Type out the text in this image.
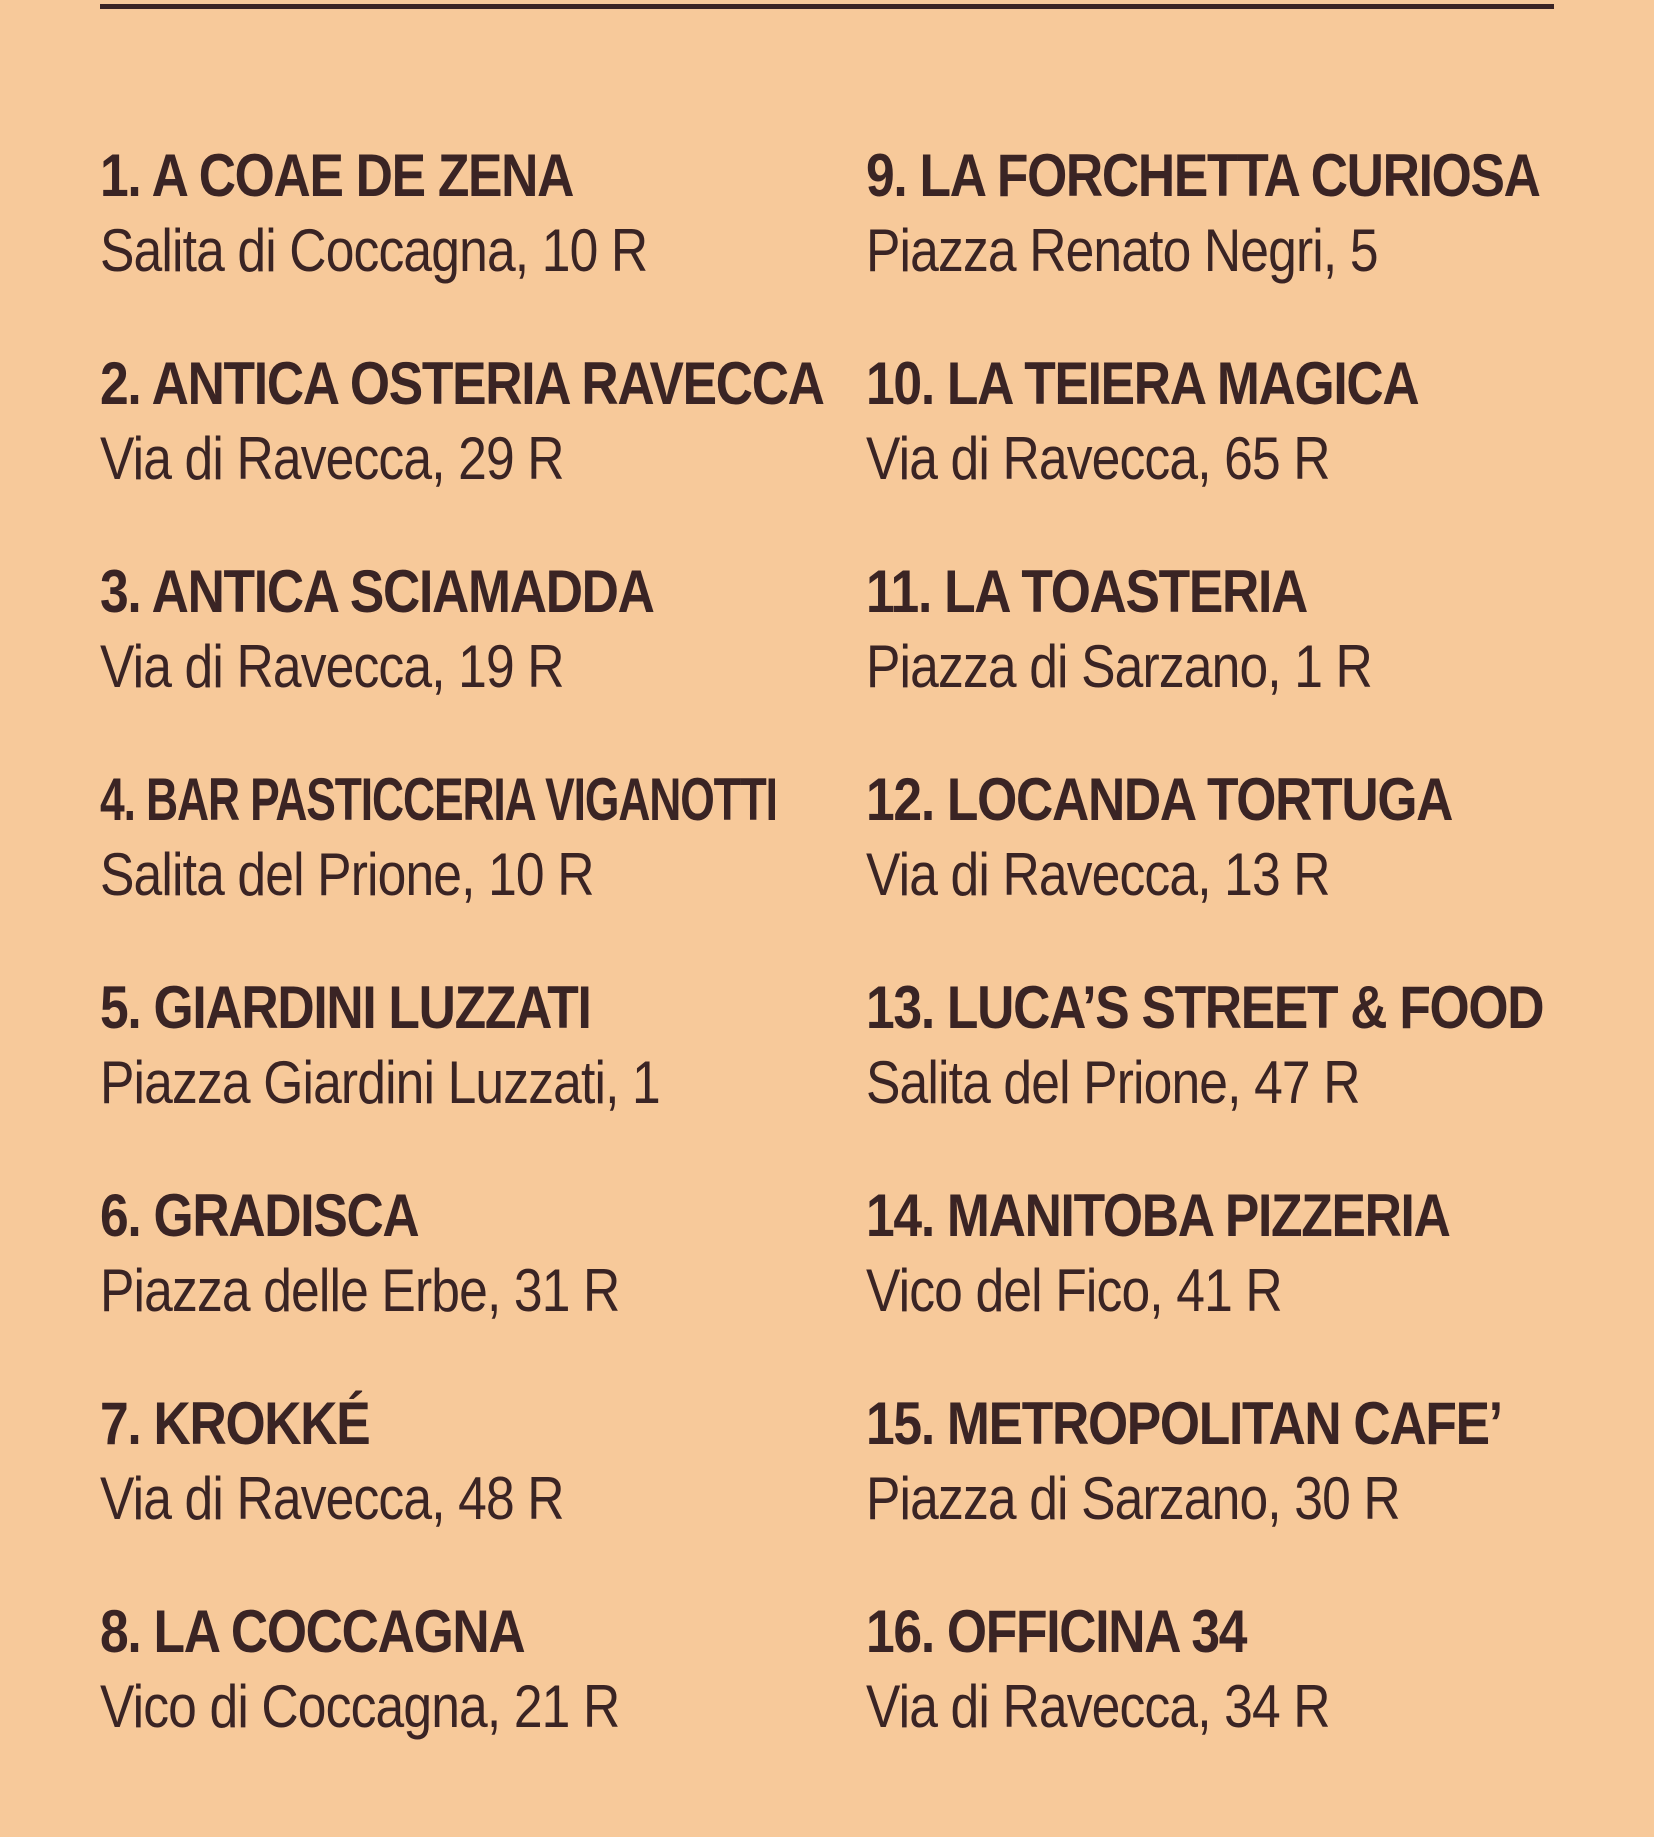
1. A COAE DE ZENA
Salita di Coccagna, 10 R
2. ANTICA OSTERIA RAVECCA
Via di Ravecca, 29 R
3. ANTICA SCIAMADDA
Via di Ravecca, 19 R
4. BAR PASTICCERIA VIGANOTTI
Salita del Prione, 10 R
5. GIARDINI LUZZATI
Piazza Giardini Luzzati, 1
6. GRADISCA
Piazza delle Erbe, 31 R
7. KROKKÉ
Via di Ravecca, 48 R
8. LA COCCAGNA
Vico di Coccagna, 21 R
9. LA FORCHETTA CURIOSA
Piazza Renato Negri, 5
10. LA TEIERA MAGICA
Via di Ravecca, 65 R
11. LA TOASTERIA
Piazza di Sarzano, 1 R
12. LOCANDA TORTUGA
Via di Ravecca, 13 R
13. LUCA’S STREET & FOOD
Salita del Prione, 47 R
14. MANITOBA PIZZERIA
Vico del Fico, 41 R
15. METROPOLITAN CAFE’
Piazza di Sarzano, 30 R
16. OFFICINA 34
Via di Ravecca, 34 R
